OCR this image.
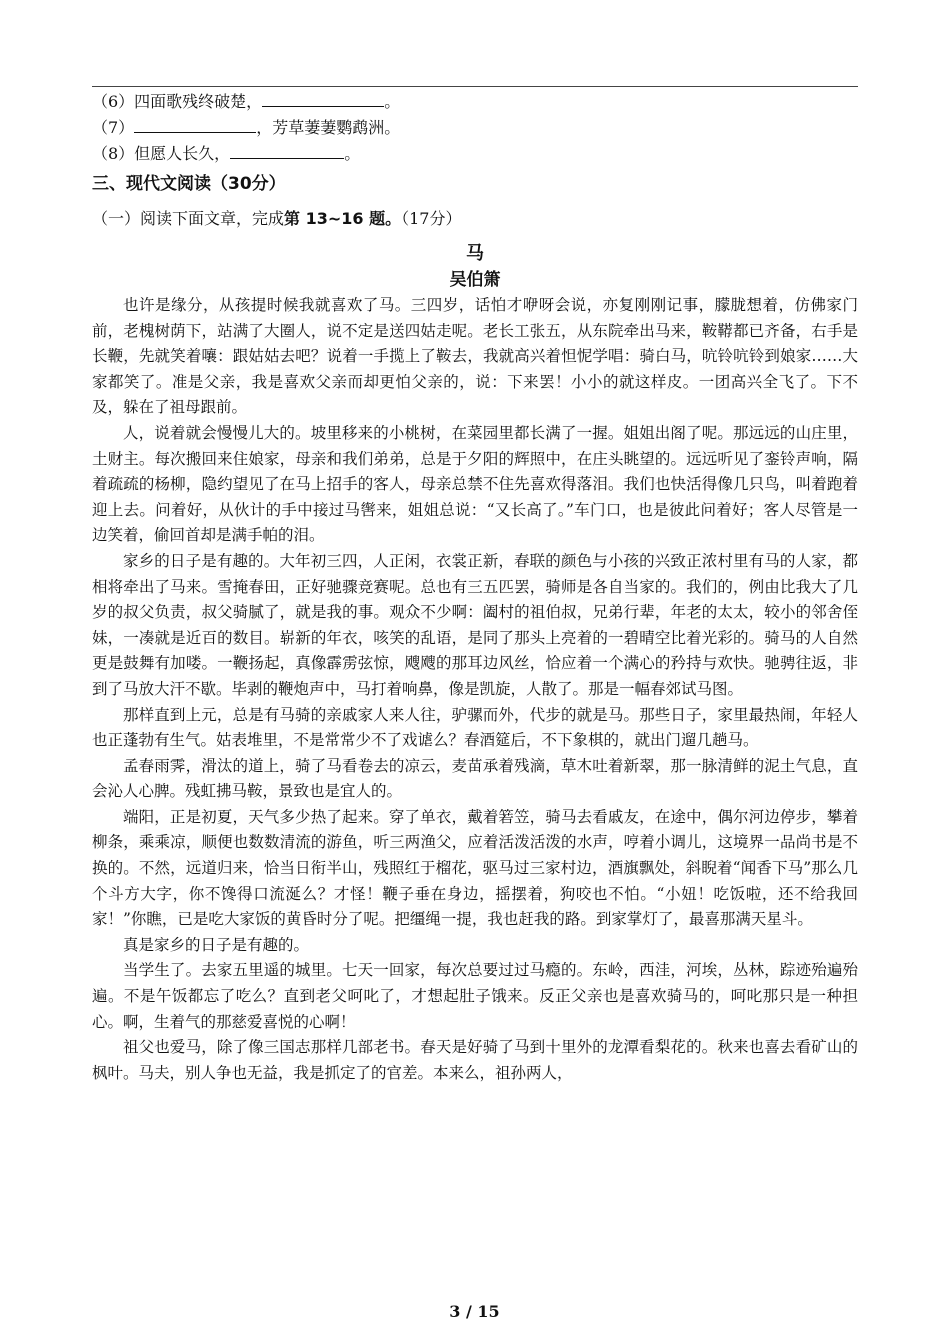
（6）四面歌残终破楚，	。
（7）	，芳草萋萋鹦鹉洲。
（8）但愿人长久，	。
三、现代文阅读（30分）
（一）阅读下面文章，完成第 13~16 题。（17分）
马
吴伯箫

也许是缘分，从孩提时候我就喜欢了马。三四岁，话怕才咿呀会说，亦复刚刚记事，朦胧想着，仿佛家门前，老槐树荫下，站满了大圈人，说不定是送四姑走呢。老长工张五，从东院牵出马来，鞍鞯都已齐备，右手是长鞭，先就笑着嚷：跟姑姑去吧？说着一手揽上了鞍去，我就高兴着怛怩学唱：骑白马，吭铃吭铃到娘家……大家都笑了。准是父亲，我是喜欢父亲而却更怕父亲的，说：下来罢！小小的就这样皮。一团高兴全飞了。下不及，躲在了祖母跟前。

人，说着就会慢慢儿大的。坡里移来的小桃树，在菜园里都长满了一握。姐姐出阁了呢。那远远的山庄里，土财主。每次搬回来住娘家，母亲和我们弟弟，总是于夕阳的辉照中，在庄头眺望的。远远听见了銮铃声响，隔着疏疏的杨柳，隐约望见了在马上招手的客人，母亲总禁不住先喜欢得落泪。我们也快活得像几只鸟，叫着跑着迎上去。问着好，从伙计的手中接过马辔来，姐姐总说：“又长高了。”车门口，也是彼此问着好；客人尽管是一边笑着，偷回首却是满手帕的泪。

家乡的日子是有趣的。大年初三四，人正闲，衣裳正新，春联的颜色与小孩的兴致正浓村里有马的人家，都相将牵出了马来。雪掩春田，正好驰骤竞赛呢。总也有三五匹罢，骑师是各自当家的。我们的，例由比我大了几岁的叔父负责，叔父骑腻了，就是我的事。观众不少啊：阖村的祖伯叔，兄弟行辈，年老的太太，较小的邻舍侄妹，一凑就是近百的数目。崭新的年衣，咳笑的乱语，是同了那头上亮着的一碧晴空比着光彩的。骑马的人自然更是鼓舞有加喽。一鞭扬起，真像霹雳弦惊，飕飕的那耳边风丝，恰应着一个满心的矜持与欢快。驰骋往返，非到了马放大汗不歇。毕剥的鞭炮声中，马打着响鼻，像是凯旋，人散了。那是一幅春郊试马图。

那样直到上元，总是有马骑的亲戚家人来人往，驴骡而外，代步的就是马。那些日子，家里最热闹，年轻人也正蓬勃有生气。姑表堆里，不是常常少不了戏谑么？春酒筵后，不下象棋的，就出门遛几趟马。

孟春雨霁，滑汰的道上，骑了马看卷去的凉云，麦苗承着残滴，草木吐着新翠，那一脉清鲜的泥土气息，直会沁人心脾。残虹拂马鞍，景致也是宜人的。

端阳，正是初夏，天气多少热了起来。穿了单衣，戴着箬笠，骑马去看戚友，在途中，偶尔河边停步，攀着柳条，乘乘凉，顺便也数数清流的游鱼，听三两渔父，应着活泼活泼的水声，哼着小调儿，这境界一品尚书是不换的。不然，远道归来，恰当日衔半山，残照红于榴花，驱马过三家村边，酒旗飘处，斜睨着“闻香下马”那么几个斗方大字，你不馋得口流涎么？才怪！鞭子垂在身边，摇摆着，狗咬也不怕。“小妞！吃饭啦，还不给我回家！”你瞧，已是吃大家饭的黄昏时分了呢。把缰绳一提，我也赶我的路。到家掌灯了，最喜那满天星斗。

真是家乡的日子是有趣的。

当学生了。去家五里遥的城里。七天一回家，每次总要过过马瘾的。东岭，西洼，河埃，丛林，踪迹殆遍殆遍。不是午饭都忘了吃么？直到老父呵叱了，才想起肚子饿来。反正父亲也是喜欢骑马的，呵叱那只是一种担心。啊，生着气的那慈爱喜悦的心啊！

祖父也爱马，除了像三国志那样几部老书。春天是好骑了马到十里外的龙潭看梨花的。秋来也喜去看矿山的枫叶。马夫，别人争也无益，我是抓定了的官差。本来么，祖孙两人，

3 / 15
